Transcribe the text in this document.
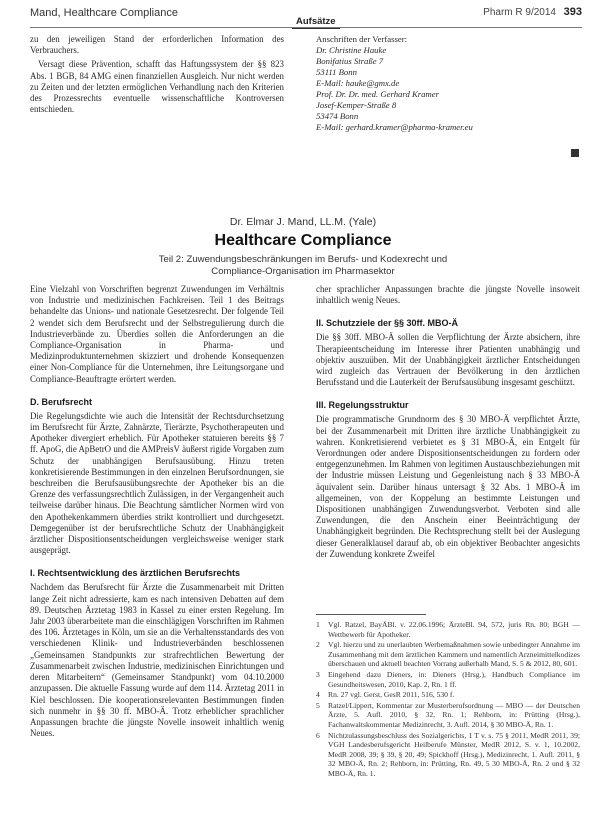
Mand, Healthcare Compliance
Aufsätze
Pharm R 9/2014 393

zu den jeweiligen Stand der erforderlichen Information des Verbrauchers.

Versagt diese Prävention, schafft das Haftungssystem der §§ 823 Abs. 1 BGB, 84 AMG einen finanziellen Ausgleich. Nur nicht werden zu Zeiten und der letzten ermöglichen Verhandlung nach den Kriterien des Prozessrechts eventuelle wissenschaftliche Kontroversen entschieden.

Anschriften der Verfasser:
Dr. Christine Hauke
Bonifatius Straße 7
53111 Bonn
E-Mail: hauke@gmx.de
Prof. Dr. Dr. med. Gerhard Kramer
Josef-Kemper-Straße 8
53474 Bonn
E-Mail: gerhard.kramer@pharma-kramer.eu

Dr. Elmar J. Mand, LL.M. (Yale)

Healthcare Compliance

Teil 2: Zuwendungsbeschränkungen im Berufs- und Kodexrecht und

Compliance-Organisation im Pharmasektor

Eine Vielzahl von Vorschriften begrenzt Zuwendungen im Verhältnis von Industrie und medizinischen Fachkreisen. Teil 1 des Beitrags behandelte das Unions- und nationale Gesetzesrecht. Der folgende Teil 2 wendet sich dem Berufsrecht und der Selbstregulierung durch die Industrieverbände zu. Überdies sollen die Anforderungen an die Compliance-Organisation in Pharma- und Medizinproduktunternehmen skizziert und drohende Konsequenzen einer Non-Compliance für die Unternehmen, ihre Leitungsorgane und Compliance-Beauftragte erörtert werden.

D. Berufsrecht

Die Regelungsdichte wie auch die Intensität der Rechtsdurchsetzung im Berufsrecht für Ärzte, Zahnärzte, Tierärzte, Psychotherapeuten und Apotheker divergiert erheblich. Für Apotheker statuieren bereits §§ 7 ff. ApoG, die ApBetrO und die AMPreisV äußerst rigide Vorgaben zum Schutz der unabhängigen Berufsausübung. Hinzu treten konkretisierende Bestimmungen in den einzelnen Berufsordnungen, sie beschreiben die Berufsausübungsrechte der Apotheker bis an die Grenze des verfassungsrechtlich Zulässigen, in der Vergangenheit auch teilweise darüber hinaus. Die Beachtung sämtlicher Normen wird von den Apothekenkammern überdies strikt kontrolliert und durchgesetzt. Demgegenüber ist der berufsrechtliche Schutz der Unabhängigkeit ärztlicher Dispositionsentscheidungen vergleichsweise weniger stark ausgeprägt.

I. Rechtsentwicklung des ärztlichen Berufsrechts

Nachdem das Berufsrecht für Ärzte die Zusammenarbeit mit Dritten lange Zeit nicht adressierte, kam es nach intensiven Debatten auf dem 89. Deutschen Ärztetag 1983 in Kassel zu einer ersten Regelung. Im Jahr 2003 überarbeitete man die einschlägigen Vorschriften im Rahmen des 106. Ärztetages in Köln, um sie an die Verhaltensstandards des von verschiedenen Klinik- und Industrieverbänden beschlossenen „Gemeinsamen Standpunkts zur strafrechtlichen Bewertung der Zusammenarbeit zwischen Industrie, medizinischen Einrichtungen und deren Mitarbeitern“ (Gemeinsamer Standpunkt) vom 04.10.2000 anzupassen. Die aktuelle Fassung wurde auf dem 114. Ärztetag 2011 in Kiel beschlossen. Die kooperationsrelevanten Bestimmungen finden sich nunmehr in §§ 30 ff. MBO-Ä. Trotz erheblicher sprachlicher Anpassungen brachte die jüngste Novelle insoweit inhaltlich wenig Neues.

cher sprachlicher Anpassungen brachte die jüngste Novelle insoweit inhaltlich wenig Neues.

II. Schutzziele der §§ 30ff. MBO-Ä

Die §§ 30ff. MBO-Ä sollen die Verpflichtung der Ärzte absichern, ihre Therapieentscheidung im Interesse ihrer Patienten unabhängig und objektiv auszuüben. Mit der Unabhängigkeit ärztlicher Entscheidungen wird zugleich das Vertrauen der Bevölkerung in den ärztlichen Berufsstand und die Lauterkeit der Berufsausübung insgesamt geschützt.

III. Regelungsstruktur

Die programmatische Grundnorm des § 30 MBO-Ä verpflichtet Ärzte, bei der Zusammenarbeit mit Dritten ihre ärztliche Unabhängigkeit zu wahren. Konkretisierend verbietet es § 31 MBO-Ä, ein Entgelt für Verordnungen oder andere Dispositionsentscheidungen zu fordern oder entgegenzunehmen. Im Rahmen von legitimen Austauschbeziehungen mit der Industrie müssen Leistung und Gegenleistung nach § 33 MBO-Ä äquivalent sein. Darüber hinaus untersagt § 32 Abs. 1 MBO-Ä im allgemeinen, von der Koppelung an bestimmte Leistungen und Dispositionen unabhängigen Zuwendungsverbot. Verboten sind alle Zuwendungen, die den Anschein einer Beeinträchtigung der Unabhängigkeit begründen. Die Rechtsprechung stellt bei der Auslegung dieser Generalklausel darauf ab, ob ein objektiver Beobachter angesichts der Zuwendung konkrete Zweifel

1	Vgl. Ratzel, BayÄBl. v. 22.06.1996; ÄrzteBl. 94, 572, juris Rn. 80; BGH — Wettbewerb für Apotheker.
2	Vgl. hierzu und zu unerlaubten Werbemaßnahmen sowie unbedingter Annahme im Zusammenhang mit dem ärztlichen Kammern und namentlich Arzneimittelkodizes überschauen und aktuell beachten Vorrang außerhalb Mand, S. 5 & 2012, 80, 601.
3	Eingehend dazu Dieners, in: Dieners (Hrsg.), Handbuch Compliance im Gesundheitswesen, 2010, Kap. 2, Rn. 1 ff.
4	Rn. 27 vgl. Gerst, GesR 2011, 516, 530 f.
5	Ratzel/Lippert, Kommentar zur Musterberufsordnung — MBO — der Deutschen Ärzte, 5. Aufl. 2010, § 32, Rn. 1; Rehborn, in: Prütting (Hrsg.), Fachanwaltskommentar Medizinrecht, 3. Aufl. 2014, § 30 MBO-Ä, Rn. 1.
6	Nichtzulassungsbeschluss des Sozialgerichts, 1 T v. s. 75 § 2011, MedR 2011, 39; VGH Landesberufsgericht Heilberufe Münster, MedR 2012, S. v. 1, 10.2002, MedR 2008, 39; § 39, § 20, 49; Spickhoff (Hrsg.), Medizinrecht, 1. Aufl. 2011, § 32 MBO-Ä, Rn. 2; Rehborn, in: Prütting, Rn. 49, 5 30 MBO-Ä, Rn. 2 und § 32 MBO-Ä, Rn. 1.
